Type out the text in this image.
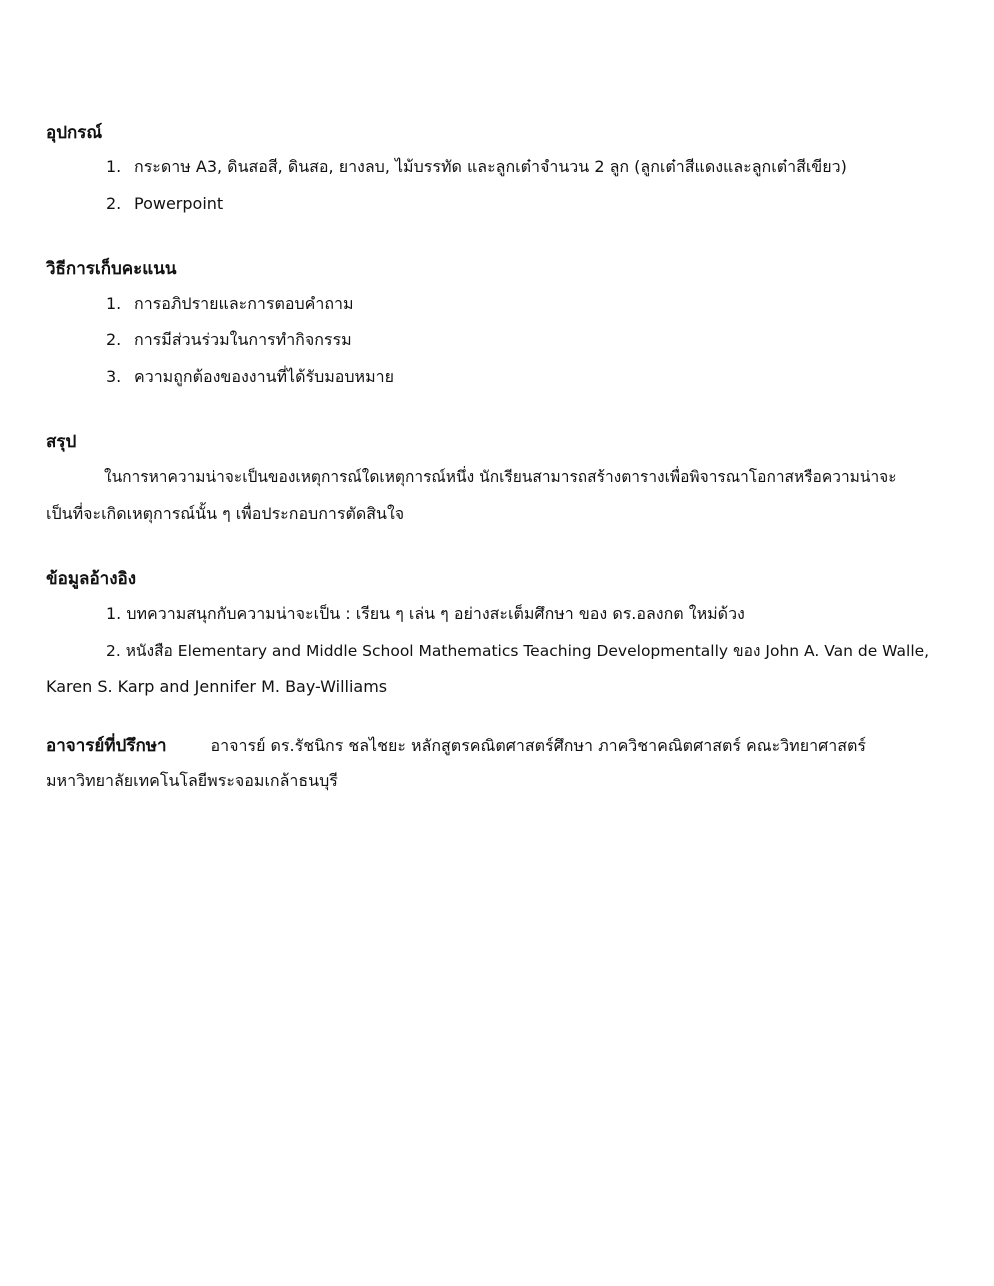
อุปกรณ์
1. กระดาษ A3, ดินสอสี, ดินสอ, ยางลบ, ไม้บรรทัด และลูกเต๋าจำนวน 2 ลูก (ลูกเต๋าสีแดงและลูกเต๋าสีเขียว)
2. Powerpoint
วิธีการเก็บคะแนน
1. การอภิปรายและการตอบคำถาม
2. การมีส่วนร่วมในการทำกิจกรรม
3. ความถูกต้องของงานที่ได้รับมอบหมาย
สรุป
ในการหาความน่าจะเป็นของเหตุการณ์ใดเหตุการณ์หนึ่ง นักเรียนสามารถสร้างตารางเพื่อพิจารณาโอกาสหรือความน่าจะ
เป็นที่จะเกิดเหตุการณ์นั้น ๆ เพื่อประกอบการตัดสินใจ
ข้อมูลอ้างอิง
1. บทความสนุกกับความน่าจะเป็น : เรียน ๆ เล่น ๆ อย่างสะเต็มศึกษา ของ ดร.อลงกต ใหม่ด้วง
2. หนังสือ Elementary and Middle School Mathematics Teaching Developmentally ของ John A. Van de Walle,
Karen S. Karp and Jennifer M. Bay-Williams
อาจารย์ที่ปรึกษา	อาจารย์ ดร.รัชนิกร ชลไชยะ หลักสูตรคณิตศาสตร์ศึกษา ภาควิชาคณิตศาสตร์ คณะวิทยาศาสตร์
มหาวิทยาลัยเทคโนโลยีพระจอมเกล้าธนบุรี
